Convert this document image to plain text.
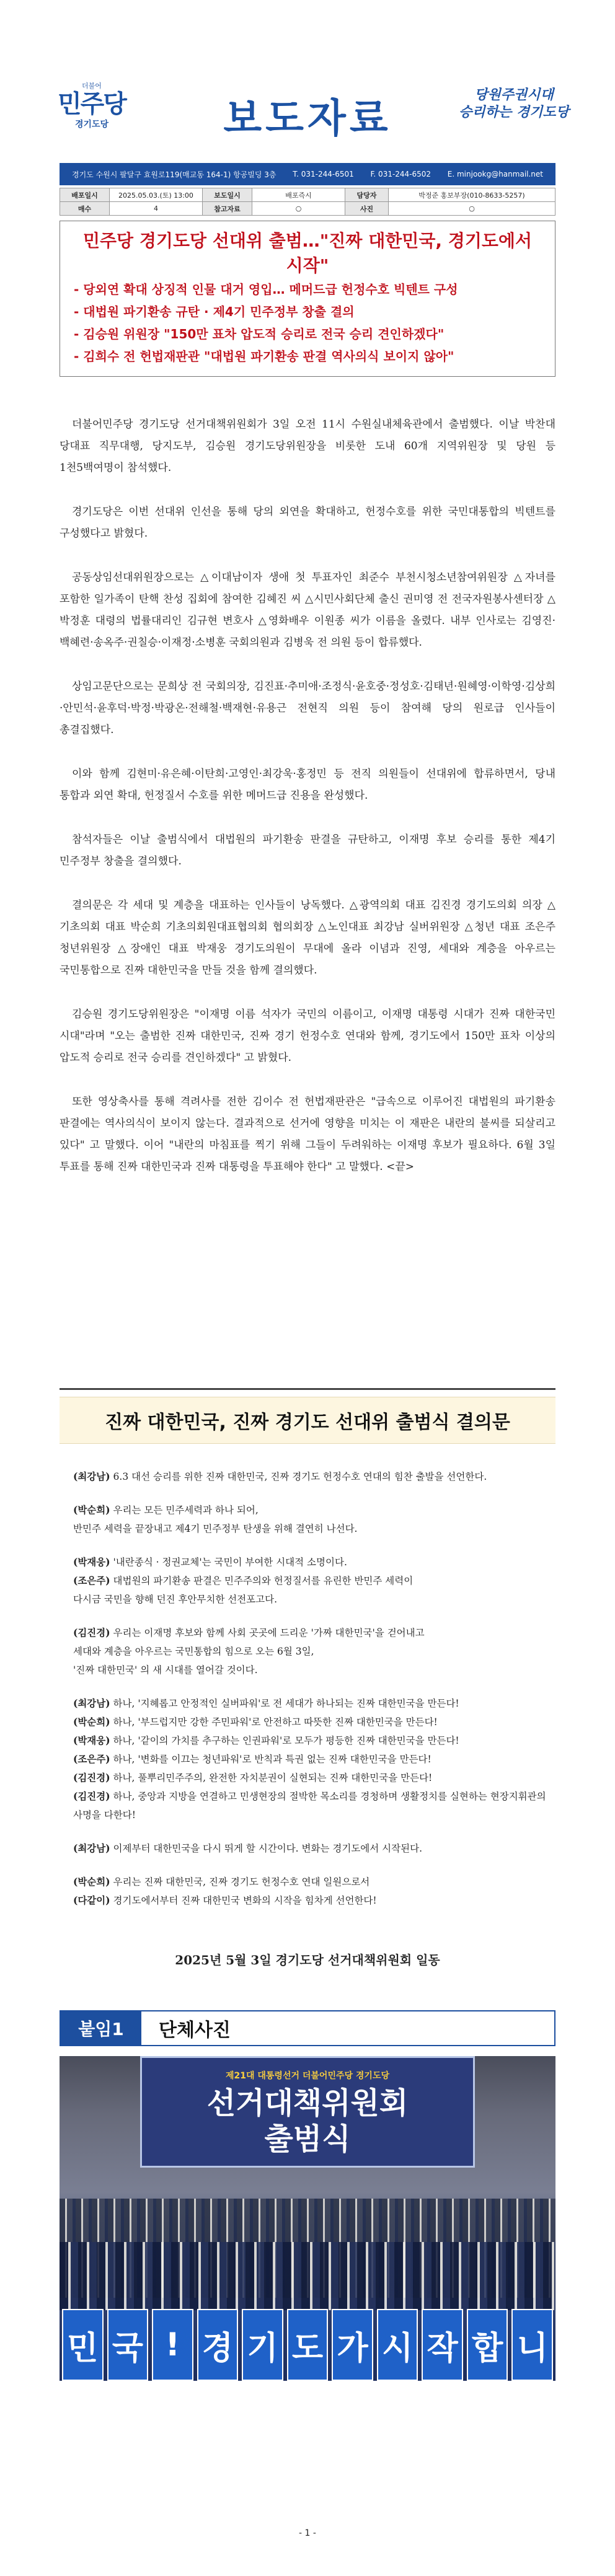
더불어
민주당
경기도당	보도자료
당원주권시대
승리하는 경기도당
경기도 수원시 팔달구 효원로119(매교동 164-1) 항공빌딩 3층 T. 031-244-6501 F. 031-244-6502 E. minjookg@hanmail.net
배포일시	2025.05.03.(토) 13:00	보도일시	배포즉시	담당자	박정준 홍보부장(010-8633-5257)
매수	4	참고자료	○	사진	○
민주당 경기도당 선대위 출범…"진짜 대한민국, 경기도에서 시작"
- 당외연 확대 상징적 인물 대거 영입… 메머드급 헌정수호 빅텐트 구성
- 대법원 파기환송 규탄 · 제4기 민주정부 창출 결의
- 김승원 위원장 "150만 표차 압도적 승리로 전국 승리 견인하겠다"
- 김희수 전 헌법재판관 "대법원 파기환송 판결 역사의식 보이지 않아"

더불어민주당 경기도당 선거대책위원회가 3일 오전 11시 수원실내체육관에서 출범했다. 이날 박찬대 당대표 직무대행, 당지도부, 김승원 경기도당위원장을 비롯한 도내 60개 지역위원장 및 당원 등 1천5백여명이 참석했다.

경기도당은 이번 선대위 인선을 통해 당의 외연을 확대하고, 헌정수호를 위한 국민대통합의 빅텐트를 구성했다고 밝혔다.

공동상임선대위원장으로는 △이대남이자 생애 첫 투표자인 최준수 부천시청소년참여위원장 △자녀를 포함한 일가족이 탄핵 찬성 집회에 참여한 김혜진 씨 △시민사회단체 출신 권미영 전 전국자원봉사센터장 △박정훈 대령의 법률대리인 김규현 변호사 △영화배우 이원종 씨가 이름을 올렸다. 내부 인사로는 김영진·백혜련·송옥주·권칠승·이재정·소병훈 국회의원과 김병욱 전 의원 등이 합류했다.

상임고문단으로는 문희상 전 국회의장, 김진표·추미애·조정식·윤호중·정성호·김태년·원혜영·이학영·김상희·안민석·윤후덕·박정·박광온·전해철·백재현·유용근 전현직 의원 등이 참여해 당의 원로급 인사들이 총결집했다.

이와 함께 김현미·유은혜·이탄희·고영인·최강욱·홍정민 등 전직 의원들이 선대위에 합류하면서, 당내 통합과 외연 확대, 헌정질서 수호를 위한 메머드급 진용을 완성했다.

참석자들은 이날 출범식에서 대법원의 파기환송 판결을 규탄하고, 이재명 후보 승리를 통한 제4기 민주정부 창출을 결의했다.

결의문은 각 세대 및 계층을 대표하는 인사들이 낭독했다. △광역의회 대표 김진경 경기도의회 의장 △기초의회 대표 박순희 기초의회원대표협의회 협의회장 △노인대표 최강남 실버위원장 △청년 대표 조은주 청년위원장 △장애인 대표 박재웅 경기도의원이 무대에 올라 이념과 진영, 세대와 계층을 아우르는 국민통합으로 진짜 대한민국을 만들 것을 함께 결의했다.

김승원 경기도당위원장은 "이재명 이름 석자가 국민의 이름이고, 이재명 대통령 시대가 진짜 대한국민 시대"라며 "오는 출범한 진짜 대한민국, 진짜 경기 헌정수호 연대와 함께, 경기도에서 150만 표차 이상의 압도적 승리로 전국 승리를 견인하겠다" 고 밝혔다.

또한 영상축사를 통해 격려사를 전한 김이수 전 헌법재판관은 "급속으로 이루어진 대법원의 파기환송 판결에는 역사의식이 보이지 않는다. 결과적으로 선거에 영향을 미치는 이 재판은 내란의 불씨를 되살리고 있다" 고 말했다. 이어 "내란의 마침표를 찍기 위해 그들이 두려워하는 이재명 후보가 필요하다. 6월 3일 투표를 통해 진짜 대한민국과 진짜 대통령을 투표해야 한다" 고 말했다. <끝>

진짜 대한민국, 진짜 경기도 선대위 출범식 결의문
(최강남) 6.3 대선 승리를 위한 진짜 대한민국, 진짜 경기도 헌정수호 연대의 힘찬 출발을 선언한다.
(박순희) 우리는 모든 민주세력과 하나 되어,
반민주 세력을 끝장내고 제4기 민주정부 탄생을 위해 결연히 나선다.
(박재웅) '내란종식 · 정권교체'는 국민이 부여한 시대적 소명이다.
(조은주) 대법원의 파기환송 판결은 민주주의와 헌정질서를 유린한 반민주 세력이
다시금 국민을 향해 던진 후안무치한 선전포고다.
(김진경) 우리는 이재명 후보와 함께 사회 곳곳에 드리운 '가짜 대한민국'을 걷어내고
세대와 계층을 아우르는 국민통합의 힘으로 오는 6월 3일,
'진짜 대한민국' 의 새 시대를 열어갈 것이다.
(최강남) 하나, '지혜롭고 안정적인 실버파워'로 전 세대가 하나되는 진짜 대한민국을 만든다!
(박순희) 하나, '부드럽지만 강한 주민파워'로 안전하고 따뜻한 진짜 대한민국을 만든다!
(박재웅) 하나, '같이의 가치를 추구하는 인권파워'로 모두가 평등한 진짜 대한민국을 만든다!
(조은주) 하나, '변화를 이끄는 청년파워'로 반칙과 특권 없는 진짜 대한민국을 만든다!
(김진경) 하나, 풀뿌리민주주의, 완전한 자치분권이 실현되는 진짜 대한민국을 만든다!
(김진경) 하나, 중앙과 지방을 연결하고 민생현장의 절박한 목소리를 경청하며 생활정치를 실현하는 현장지휘관의 사명을 다한다!
(최강남) 이제부터 대한민국을 다시 뛰게 할 시간이다. 변화는 경기도에서 시작된다.
(박순희) 우리는 진짜 대한민국, 진짜 경기도 헌정수호 연대 일원으로서
(다같이) 경기도에서부터 진짜 대한민국 변화의 시작을 힘차게 선언한다!
2025년 5월 3일 경기도당 선거대책위원회 일동
붙임1	단체사진
제21대 대통령선거 더불어민주당 경기도당
선거대책위원회
출범식
민 국 ! 경 기 도 가 시 작 합 니
- 1 -
